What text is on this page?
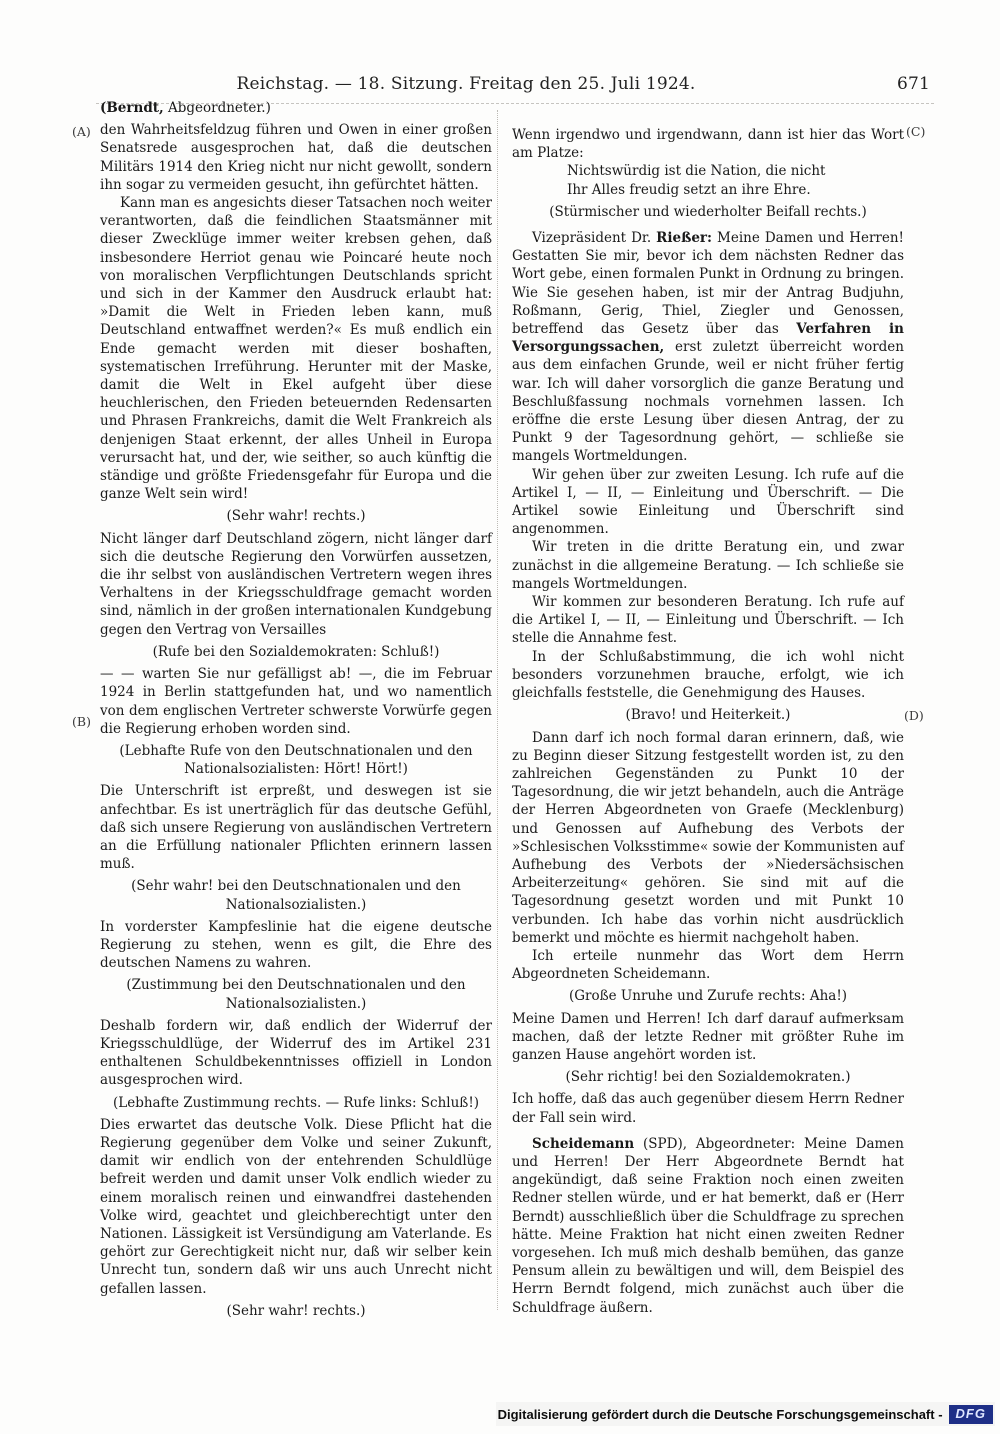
Reichstag. — 18. Sitzung. Freitag den 25. Juli 1924.	671
(A)
(B)
(C)
(D)

(Berndt, Abgeordneter.)

den Wahrheitsfeldzug führen und Owen in einer großen Senatsrede ausgesprochen hat, daß die deutschen Militärs 1914 den Krieg nicht nur nicht gewollt, sondern ihn sogar zu vermeiden gesucht, ihn gefürchtet hätten.

Kann man es angesichts dieser Tatsachen noch weiter verantworten, daß die feindlichen Staatsmänner mit dieser Zwecklüge immer weiter krebsen gehen, daß insbesondere Herriot genau wie Poincaré heute noch von moralischen Verpflichtungen Deutschlands spricht und sich in der Kammer den Ausdruck erlaubt hat: »Damit die Welt in Frieden leben kann, muß Deutschland entwaffnet werden?« Es muß endlich ein Ende gemacht werden mit dieser boshaften, systematischen Irreführung. Herunter mit der Maske, damit die Welt in Ekel aufgeht über diese heuchlerischen, den Frieden beteuernden Redensarten und Phrasen Frankreichs, damit die Welt Frankreich als denjenigen Staat erkennt, der alles Unheil in Europa verursacht hat, und der, wie seither, so auch künftig die ständige und größte Friedensgefahr für Europa und die ganze Welt sein wird!

(Sehr wahr! rechts.)

Nicht länger darf Deutschland zögern, nicht länger darf sich die deutsche Regierung den Vorwürfen aussetzen, die ihr selbst von ausländischen Vertretern wegen ihres Verhaltens in der Kriegsschuldfrage gemacht worden sind, nämlich in der großen internationalen Kundgebung gegen den Vertrag von Versailles

(Rufe bei den Sozialdemokraten: Schluß!)

— — warten Sie nur gefälligst ab! —, die im Februar 1924 in Berlin stattgefunden hat, und wo namentlich von dem englischen Vertreter schwerste Vorwürfe gegen die Regierung erhoben worden sind.

(Lebhafte Rufe von den Deutschnationalen und den Nationalsozialisten: Hört! Hört!)

Die Unterschrift ist erpreßt, und deswegen ist sie anfechtbar. Es ist unerträglich für das deutsche Gefühl, daß sich unsere Regierung von ausländischen Vertretern an die Erfüllung nationaler Pflichten erinnern lassen muß.

(Sehr wahr! bei den Deutschnationalen und den Nationalsozialisten.)

In vorderster Kampfeslinie hat die eigene deutsche Regierung zu stehen, wenn es gilt, die Ehre des deutschen Namens zu wahren.

(Zustimmung bei den Deutschnationalen und den Nationalsozialisten.)

Deshalb fordern wir, daß endlich der Widerruf der Kriegsschuldlüge, der Widerruf des im Artikel 231 enthaltenen Schuldbekenntnisses offiziell in London ausgesprochen wird.

(Lebhafte Zustimmung rechts. — Rufe links: Schluß!)

Dies erwartet das deutsche Volk. Diese Pflicht hat die Regierung gegenüber dem Volke und seiner Zukunft, damit wir endlich von der entehrenden Schuldlüge befreit werden und damit unser Volk endlich wieder zu einem moralisch reinen und einwandfrei dastehenden Volke wird, geachtet und gleichberechtigt unter den Nationen. Lässigkeit ist Versündigung am Vaterlande. Es gehört zur Gerechtigkeit nicht nur, daß wir selber kein Unrecht tun, sondern daß wir uns auch Unrecht nicht gefallen lassen.

(Sehr wahr! rechts.)

Wenn irgendwo und irgendwann, dann ist hier das Wort am Platze:

Nichtswürdig ist die Nation, die nicht
Ihr Alles freudig setzt an ihre Ehre.

(Stürmischer und wiederholter Beifall rechts.)

Vizepräsident Dr. Rießer: Meine Damen und Herren! Gestatten Sie mir, bevor ich dem nächsten Redner das Wort gebe, einen formalen Punkt in Ordnung zu bringen. Wie Sie gesehen haben, ist mir der Antrag Budjuhn, Roßmann, Gerig, Thiel, Ziegler und Genossen, betreffend das Gesetz über das Verfahren in Versorgungssachen, erst zuletzt überreicht worden aus dem einfachen Grunde, weil er nicht früher fertig war. Ich will daher vorsorglich die ganze Beratung und Beschlußfassung nochmals vornehmen lassen. Ich eröffne die erste Lesung über diesen Antrag, der zu Punkt 9 der Tagesordnung gehört, — schließe sie mangels Wortmeldungen.

Wir gehen über zur zweiten Lesung. Ich rufe auf die Artikel I, — II, — Einleitung und Überschrift. — Die Artikel sowie Einleitung und Überschrift sind angenommen.

Wir treten in die dritte Beratung ein, und zwar zunächst in die allgemeine Beratung. — Ich schließe sie mangels Wortmeldungen.

Wir kommen zur besonderen Beratung. Ich rufe auf die Artikel I, — II, — Einleitung und Überschrift. — Ich stelle die Annahme fest.

In der Schlußabstimmung, die ich wohl nicht besonders vorzunehmen brauche, erfolgt, wie ich gleichfalls feststelle, die Genehmigung des Hauses.

(Bravo! und Heiterkeit.)

Dann darf ich noch formal daran erinnern, daß, wie zu Beginn dieser Sitzung festgestellt worden ist, zu den zahlreichen Gegenständen zu Punkt 10 der Tagesordnung, die wir jetzt behandeln, auch die Anträge der Herren Abgeordneten von Graefe (Mecklenburg) und Genossen auf Aufhebung des Verbots der »Schlesischen Volksstimme« sowie der Kommunisten auf Aufhebung des Verbots der »Niedersächsischen Arbeiterzeitung« gehören. Sie sind mit auf die Tagesordnung gesetzt worden und mit Punkt 10 verbunden. Ich habe das vorhin nicht ausdrücklich bemerkt und möchte es hiermit nachgeholt haben.

Ich erteile nunmehr das Wort dem Herrn Abgeordneten Scheidemann.

(Große Unruhe und Zurufe rechts: Aha!)

Meine Damen und Herren! Ich darf darauf aufmerksam machen, daß der letzte Redner mit größter Ruhe im ganzen Hause angehört worden ist.

(Sehr richtig! bei den Sozialdemokraten.)

Ich hoffe, daß das auch gegenüber diesem Herrn Redner der Fall sein wird.

Scheidemann (SPD), Abgeordneter: Meine Damen und Herren! Der Herr Abgeordnete Berndt hat angekündigt, daß seine Fraktion noch einen zweiten Redner stellen würde, und er hat bemerkt, daß er (Herr Berndt) ausschließlich über die Schuldfrage zu sprechen hätte. Meine Fraktion hat nicht einen zweiten Redner vorgesehen. Ich muß mich deshalb bemühen, das ganze Pensum allein zu bewältigen und will, dem Beispiel des Herrn Berndt folgend, mich zunächst auch über die Schuldfrage äußern.

Digitalisierung gefördert durch die Deutsche Forschungsgemeinschaft -	DFG
